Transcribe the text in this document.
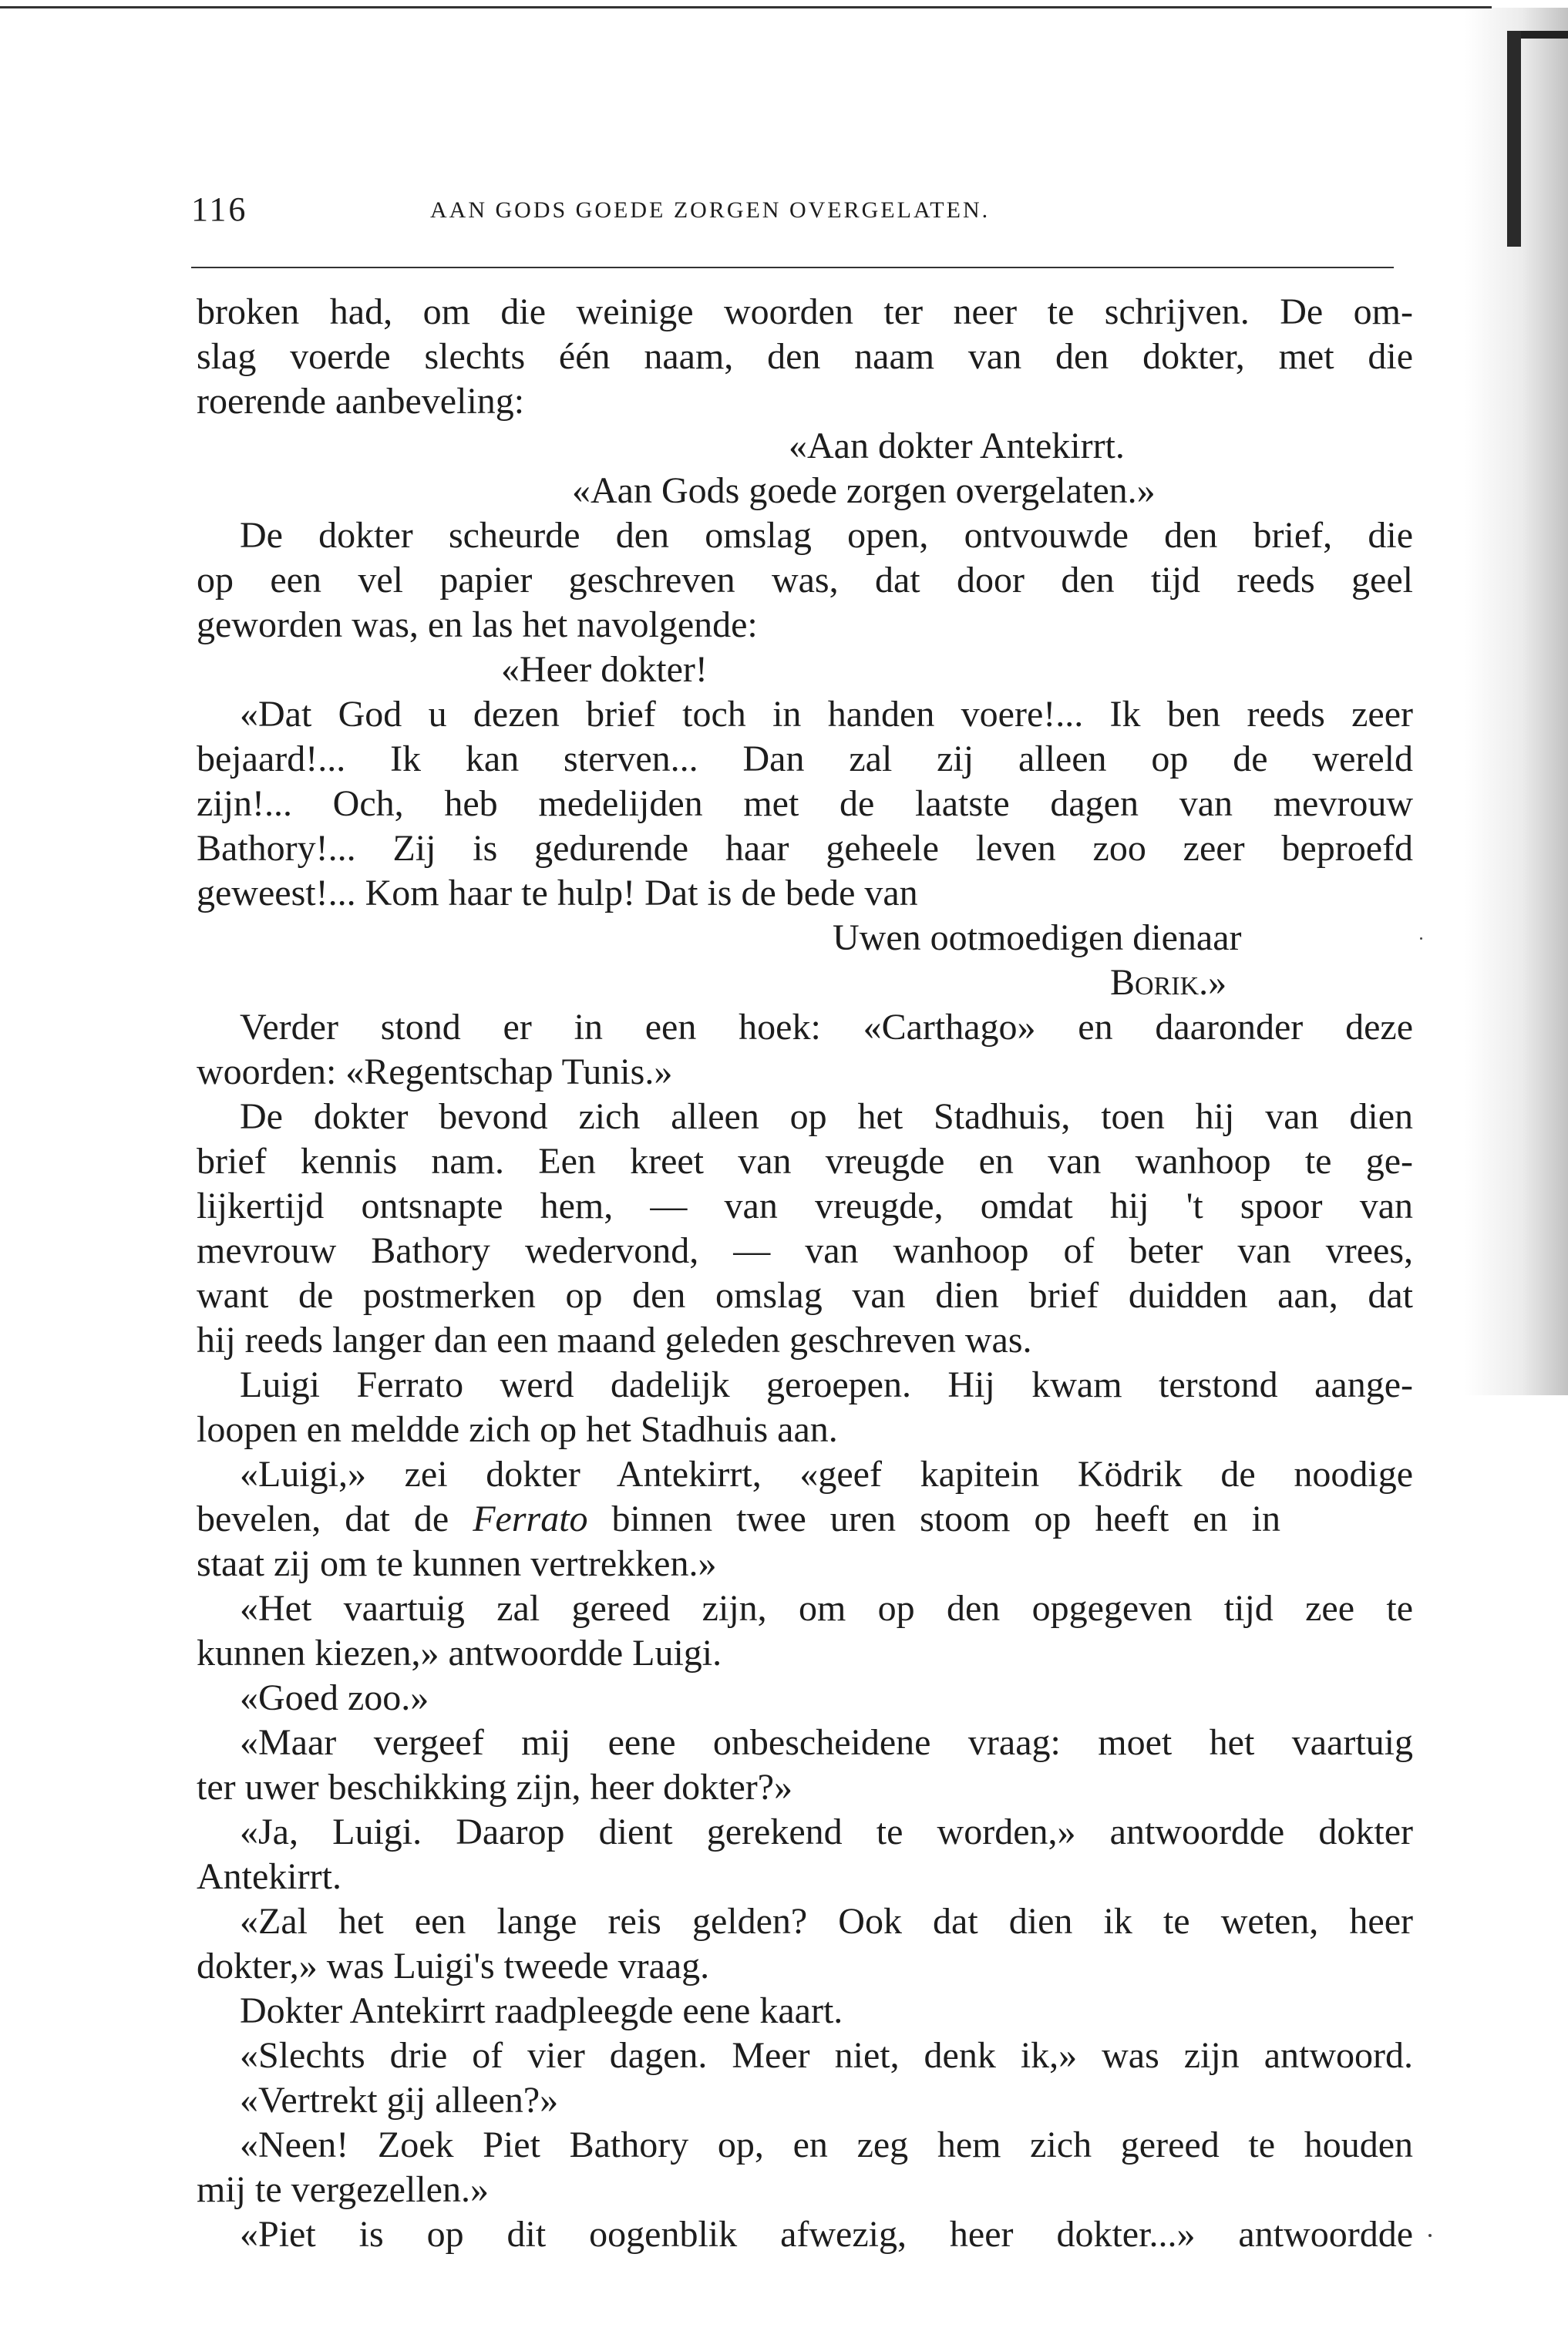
116	AAN GODS GOEDE ZORGEN OVERGELATEN.
broken had, om die weinige woorden ter neer te schrijven. De om-
slag voerde slechts één naam, den naam van den dokter, met die
roerende aanbeveling:
«Aan dokter Antekirrt.
«Aan Gods goede zorgen overgelaten.»
De dokter scheurde den omslag open, ontvouwde den brief, die
op een vel papier geschreven was, dat door den tijd reeds geel
geworden was, en las het navolgende:
«Heer dokter!
«Dat God u dezen brief toch in handen voere!... Ik ben reeds zeer
bejaard!... Ik kan sterven... Dan zal zij alleen op de wereld
zijn!... Och, heb medelijden met de laatste dagen van mevrouw
Bathory!... Zij is gedurende haar geheele leven zoo zeer beproefd
geweest!... Kom haar te hulp! Dat is de bede van
Uwen ootmoedigen dienaar
Borik.»
Verder stond er in een hoek: «Carthago» en daaronder deze
woorden: «Regentschap Tunis.»
De dokter bevond zich alleen op het Stadhuis, toen hij van dien
brief kennis nam. Een kreet van vreugde en van wanhoop te ge-
lijkertijd ontsnapte hem, — van vreugde, omdat hij 't spoor van
mevrouw Bathory wedervond, — van wanhoop of beter van vrees,
want de postmerken op den omslag van dien brief duidden aan, dat
hij reeds langer dan een maand geleden geschreven was.
Luigi Ferrato werd dadelijk geroepen. Hij kwam terstond aange-
loopen en meldde zich op het Stadhuis aan.
«Luigi,» zei dokter Antekirrt, «geef kapitein Ködrik de noodige
bevelen, dat de Ferrato binnen twee uren stoom op heeft en in
staat zij om te kunnen vertrekken.»
«Het vaartuig zal gereed zijn, om op den opgegeven tijd zee te
kunnen kiezen,» antwoordde Luigi.
«Goed zoo.»
«Maar vergeef mij eene onbescheidene vraag: moet het vaartuig
ter uwer beschikking zijn, heer dokter?»
«Ja, Luigi. Daarop dient gerekend te worden,» antwoordde dokter
Antekirrt.
«Zal het een lange reis gelden? Ook dat dien ik te weten, heer
dokter,» was Luigi's tweede vraag.
Dokter Antekirrt raadpleegde eene kaart.
«Slechts drie of vier dagen. Meer niet, denk ik,» was zijn antwoord.
«Vertrekt gij alleen?»
«Neen! Zoek Piet Bathory op, en zeg hem zich gereed te houden
mij te vergezellen.»
«Piet is op dit oogenblik afwezig, heer dokter...» antwoordde
